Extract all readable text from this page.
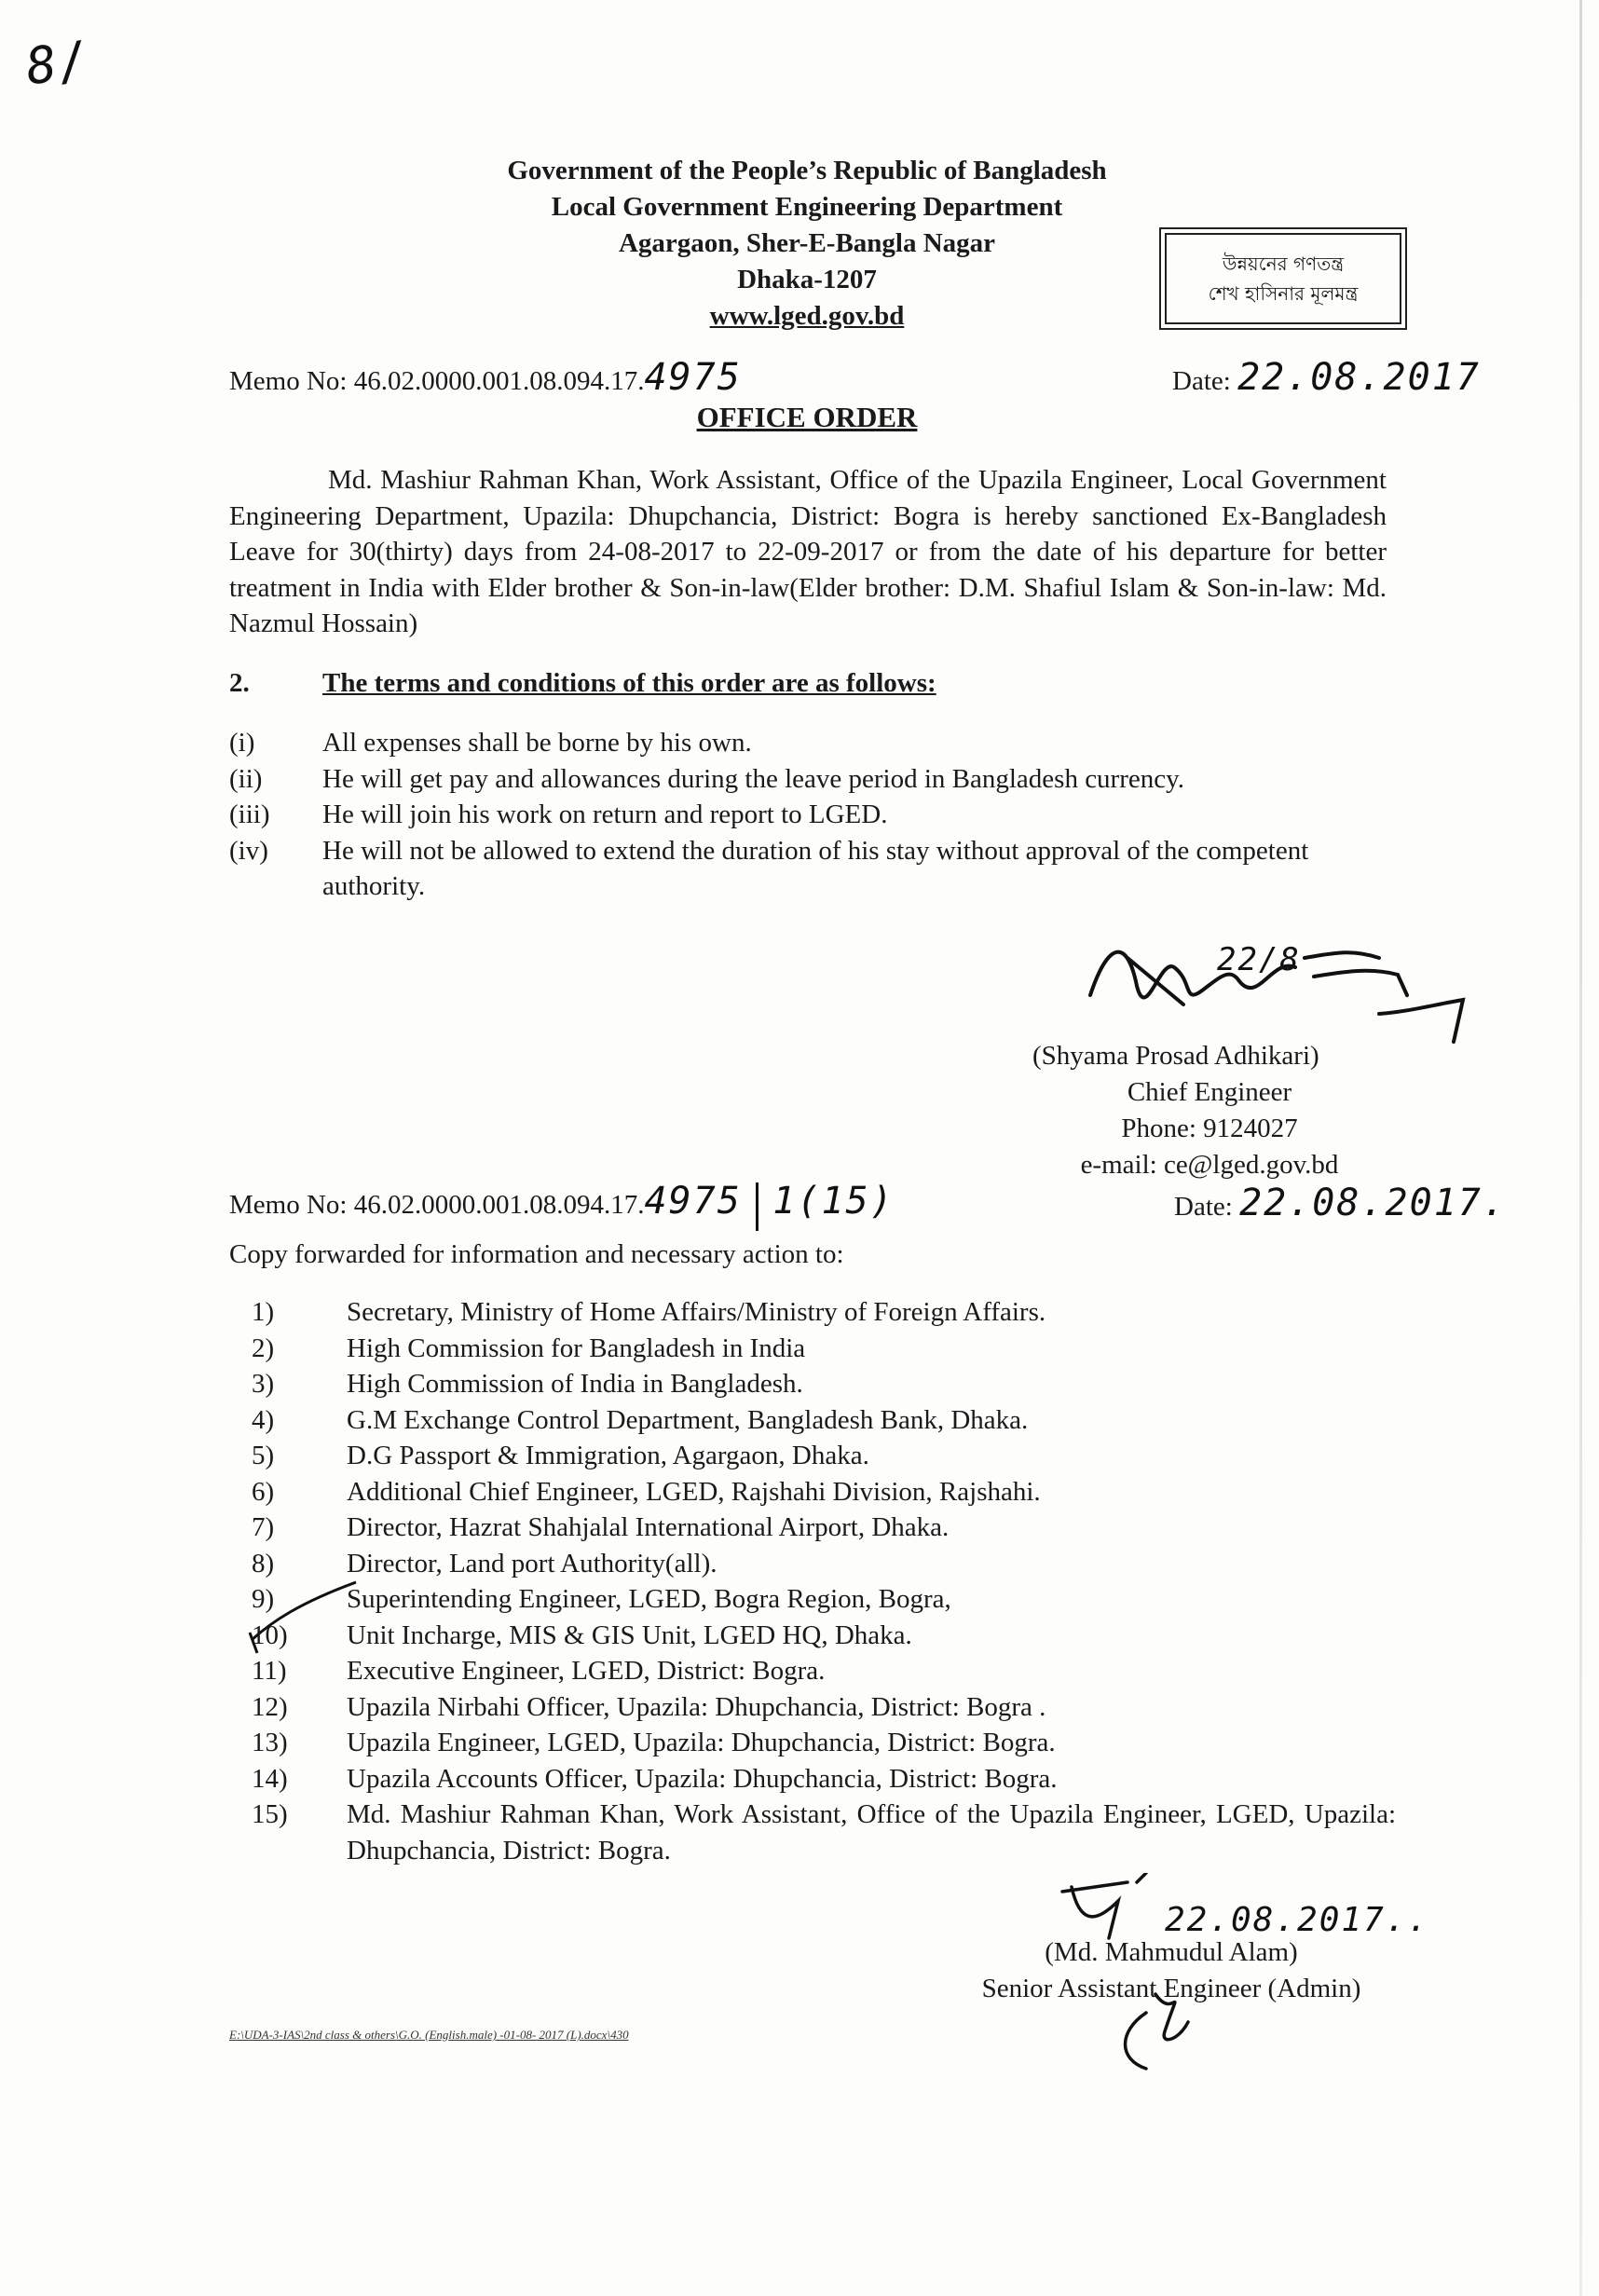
8/
Government of the People’s Republic of Bangladesh
Local Government Engineering Department
Agargaon, Sher-E-Bangla Nagar
Dhaka-1207
www.lged.gov.bd
উন্নয়নের গণতন্ত্র
শেখ হাসিনার মূলমন্ত্র
Memo No: 46.02.0000.001.08.094.17.4975	Date: 22.08.2017
OFFICE ORDER
Md. Mashiur Rahman Khan, Work Assistant, Office of the Upazila Engineer, Local Government Engineering Department, Upazila: Dhupchancia, District: Bogra is hereby sanctioned Ex-Bangladesh Leave for 30(thirty) days from 24-08-2017 to 22-09-2017 or from the date of his departure for better treatment in India with Elder brother & Son-in-law(Elder brother: D.M. Shafiul Islam & Son-in-law: Md. Nazmul Hossain)
2.	The terms and conditions of this order are as follows:
(i)	All expenses shall be borne by his own.
(ii)	He will get pay and allowances during the leave period in Bangladesh currency.
(iii)	He will join his work on return and report to LGED.
(iv)	He will not be allowed to extend the duration of his stay without approval of the competent authority.
22/8
(Shyama Prosad Adhikari)
Chief Engineer
Phone: 9124027
e-mail: ce@lged.gov.bd
Memo No: 46.02.0000.001.08.094.17.4975 1(15)	Date: 22.08.2017.
Copy forwarded for information and necessary action to:
1)	Secretary, Ministry of Home Affairs/Ministry of Foreign Affairs.
2)	High Commission for Bangladesh in India
3)	High Commission of India in Bangladesh.
4)	G.M Exchange Control Department, Bangladesh Bank, Dhaka.
5)	D.G Passport & Immigration, Agargaon, Dhaka.
6)	Additional Chief Engineer, LGED, Rajshahi Division, Rajshahi.
7)	Director, Hazrat Shahjalal International Airport, Dhaka.
8)	Director, Land port Authority(all).
9)	Superintending Engineer, LGED, Bogra Region, Bogra,
10)	Unit Incharge, MIS & GIS Unit, LGED HQ, Dhaka.
11)	Executive Engineer, LGED, District: Bogra.
12)	Upazila Nirbahi Officer, Upazila: Dhupchancia, District: Bogra .
13)	Upazila Engineer, LGED, Upazila: Dhupchancia, District: Bogra.
14)	Upazila Accounts Officer, Upazila: Dhupchancia, District: Bogra.
15)	Md. Mashiur Rahman Khan, Work Assistant, Office of the Upazila Engineer, LGED, Upazila: Dhupchancia, District: Bogra.
22.08.2017..
(Md. Mahmudul Alam)
Senior Assistant Engineer (Admin)
E:\UDA-3-IAS\2nd class & others\G.O. (English.male) -01-08- 2017 (L).docx\430
